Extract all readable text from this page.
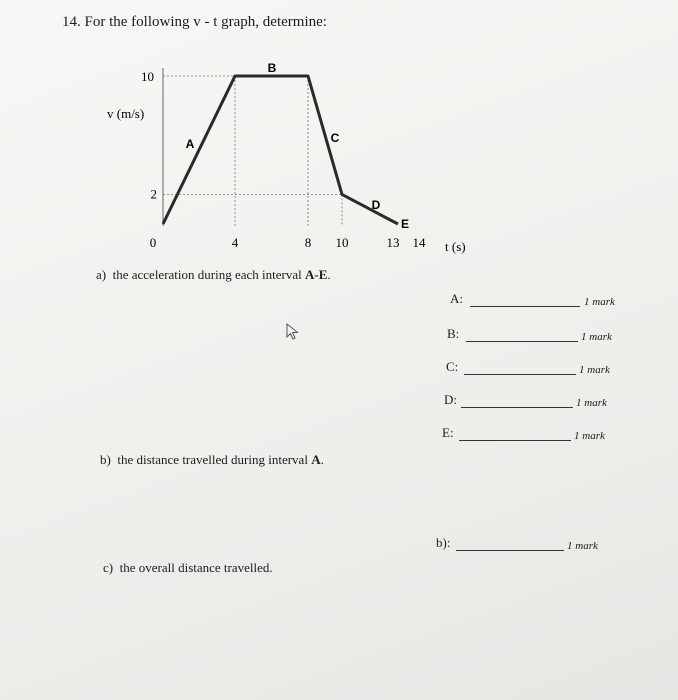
14. For the following v - t graph, determine:
0	4	8 10	13 14
10
2
A
B
C
D
E
v (m/s)
t (s)
a) the acceleration during each interval A-E.
b) the distance travelled during interval A.
c) the overall distance travelled.
A:	1 mark
B:	1 mark
C:	1 mark
D:	1 mark
E:	1 mark
b):	1 mark
